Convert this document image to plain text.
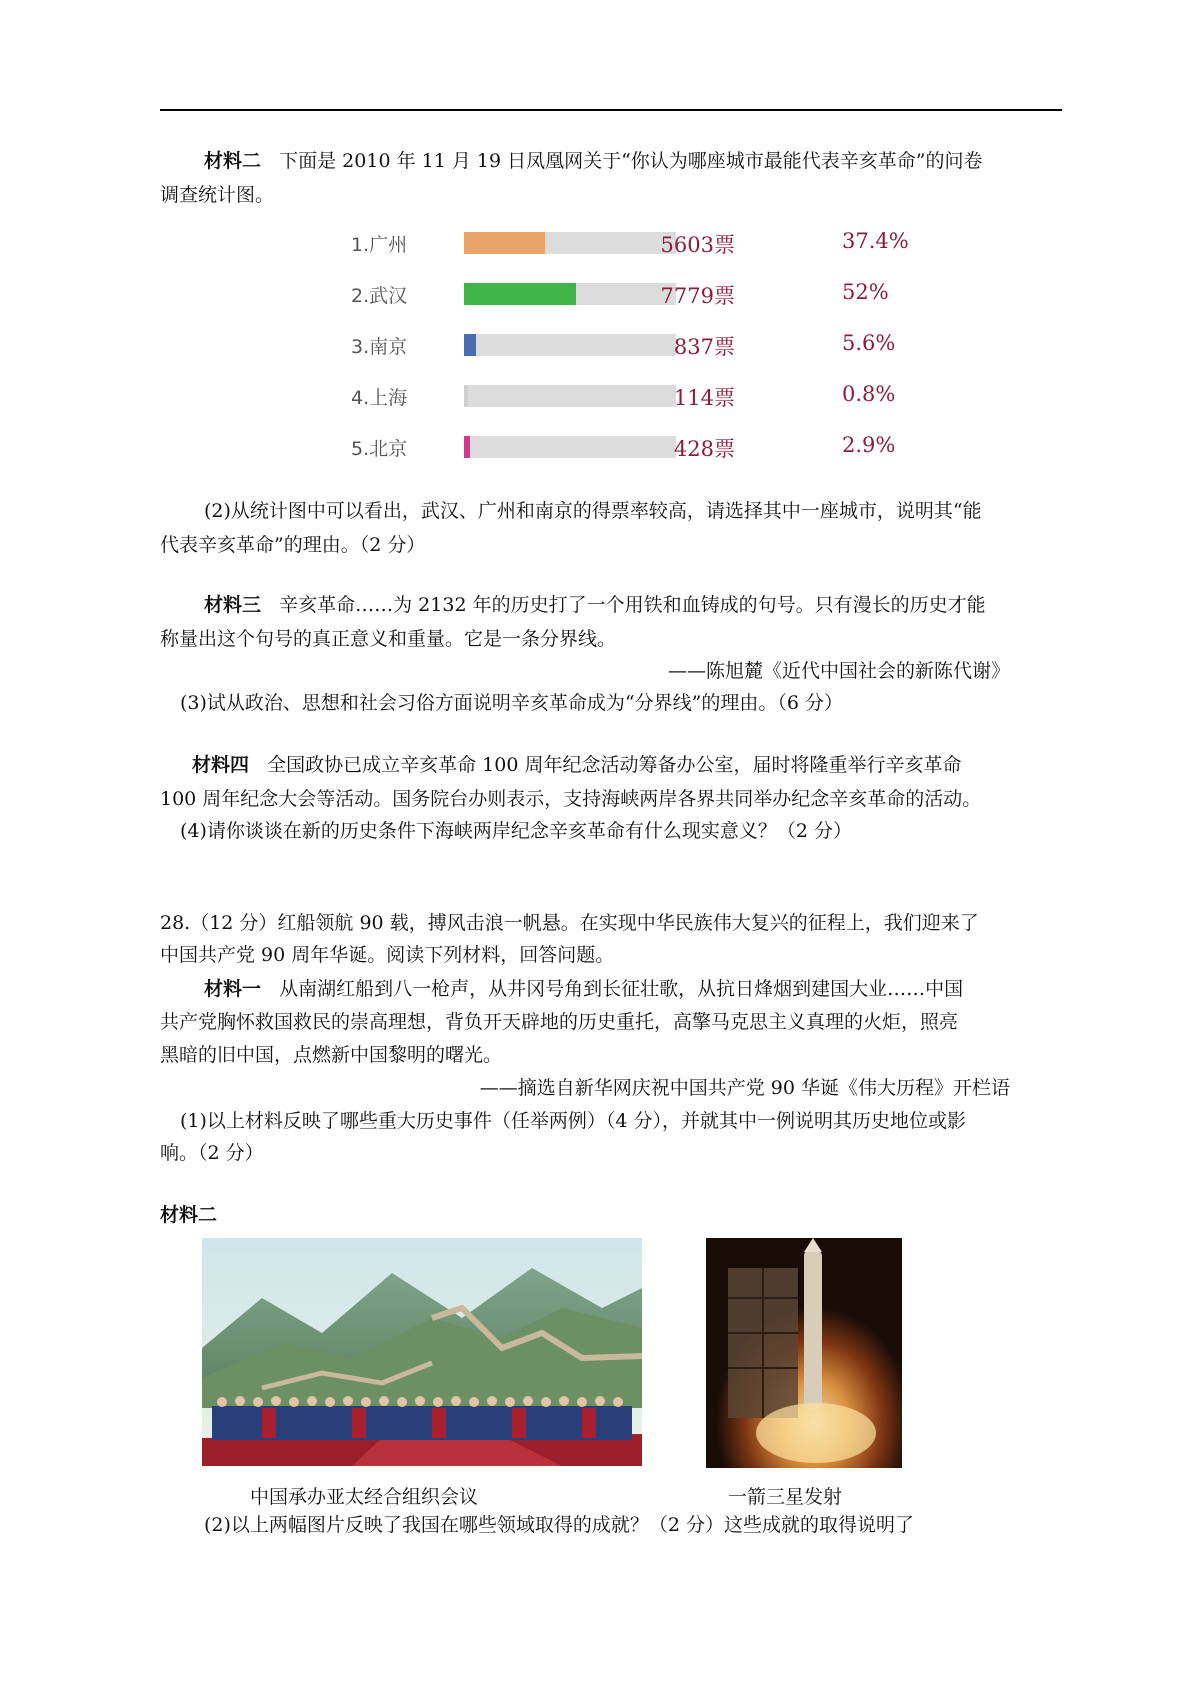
材料二 下面是 2010 年 11 月 19 日凤凰网关于“你认为哪座城市最能代表辛亥革命”的问卷
调查统计图。
1.广州	5603票	37.4%
2.武汉	7779票	52%
3.南京	837票	5.6%
4.上海	114票	0.8%
5.北京	428票	2.9%
(2)从统计图中可以看出，武汉、广州和南京的得票率较高，请选择其中一座城市，说明其“能
代表辛亥革命”的理由。（2 分）
材料三 辛亥革命……为 2132 年的历史打了一个用铁和血铸成的句号。只有漫长的历史才能
称量出这个句号的真正意义和重量。它是一条分界线。
——陈旭麓《近代中国社会的新陈代谢》
(3)试从政治、思想和社会习俗方面说明辛亥革命成为“分界线”的理由。（6 分）
材料四 全国政协已成立辛亥革命 100 周年纪念活动筹备办公室，届时将隆重举行辛亥革命
100 周年纪念大会等活动。国务院台办则表示，支持海峡两岸各界共同举办纪念辛亥革命的活动。
(4)请你谈谈在新的历史条件下海峡两岸纪念辛亥革命有什么现实意义？（2 分）
28.（12 分）红船领航 90 载，搏风击浪一帆悬。在实现中华民族伟大复兴的征程上，我们迎来了
中国共产党 90 周年华诞。阅读下列材料，回答问题。
材料一 从南湖红船到八一枪声，从井冈号角到长征壮歌，从抗日烽烟到建国大业……中国
共产党胸怀救国救民的崇高理想，背负开天辟地的历史重托，高擎马克思主义真理的火炬，照亮
黑暗的旧中国，点燃新中国黎明的曙光。
——摘选自新华网庆祝中国共产党 90 华诞《伟大历程》开栏语
(1)以上材料反映了哪些重大历史事件（任举两例）（4 分），并就其中一例说明其历史地位或影
响。（2 分）
材料二
中国承办亚太经合组织会议	一箭三星发射
(2)以上两幅图片反映了我国在哪些领域取得的成就？（2 分）这些成就的取得说明了
